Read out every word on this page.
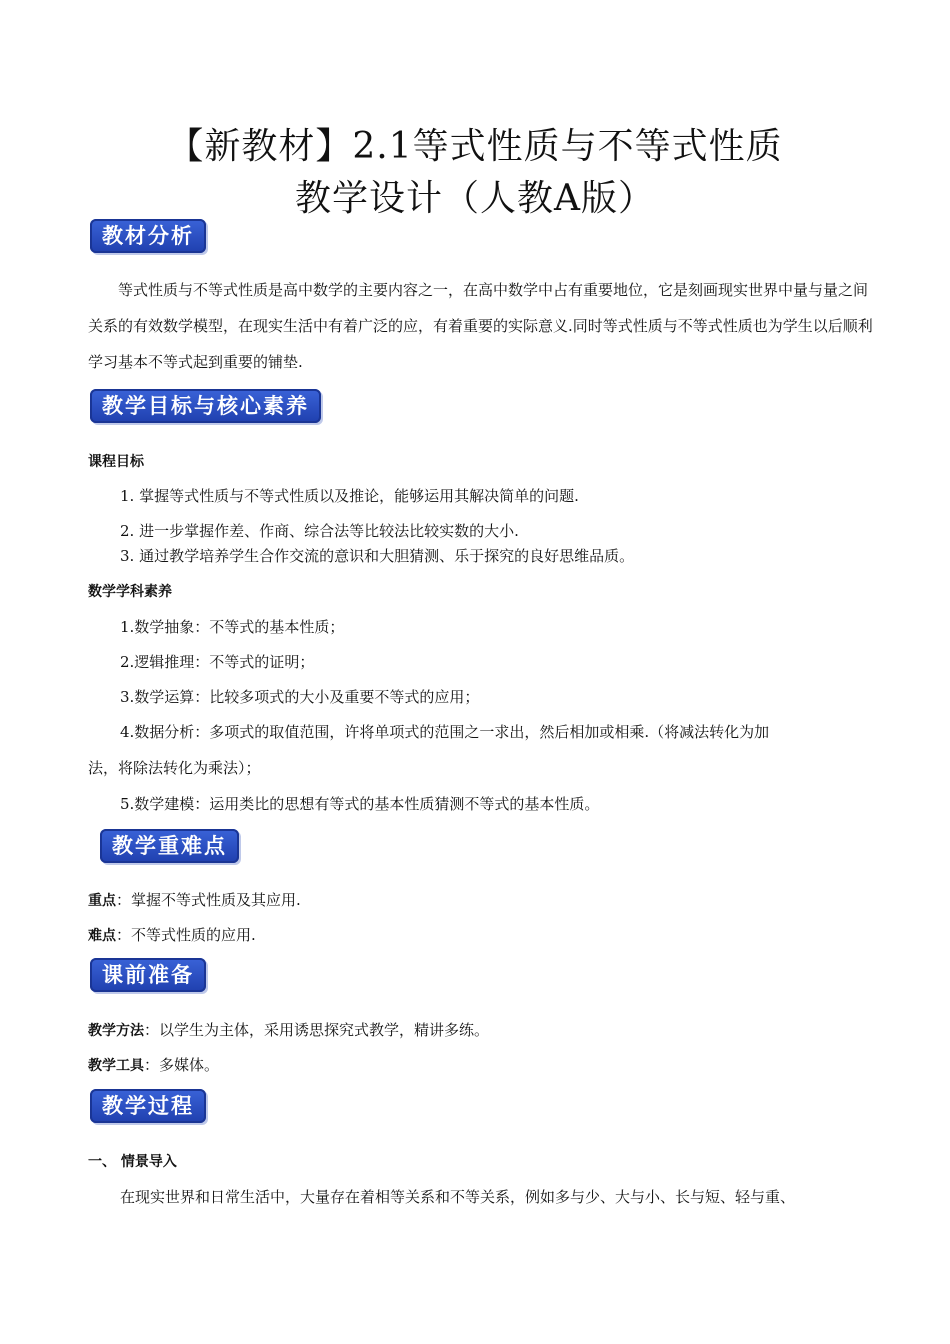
【新教材】2.1等式性质与不等式性质
教学设计（人教A版）
教材分析
等式性质与不等式性质是高中数学的主要内容之一，在高中数学中占有重要地位，它是刻画现实世界中量与量之间关系的有效数学模型，在现实生活中有着广泛的应，有着重要的实际意义.同时等式性质与不等式性质也为学生以后顺利学习基本不等式起到重要的铺垫.
教学目标与核心素养
课程目标
1. 掌握等式性质与不等式性质以及推论，能够运用其解决简单的问题.
2. 进一步掌握作差、作商、综合法等比较法比较实数的大小.
3. 通过教学培养学生合作交流的意识和大胆猜测、乐于探究的良好思维品质。
数学学科素养
1.数学抽象：不等式的基本性质；
2.逻辑推理：不等式的证明；
3.数学运算：比较多项式的大小及重要不等式的应用；
4.数据分析：多项式的取值范围，许将单项式的范围之一求出，然后相加或相乘.（将减法转化为加
法，将除法转化为乘法）；
5.数学建模：运用类比的思想有等式的基本性质猜测不等式的基本性质。
教学重难点
重点：掌握不等式性质及其应用.
难点：不等式性质的应用.
课前准备
教学方法：以学生为主体，采用诱思探究式教学，精讲多练。
教学工具：多媒体。
教学过程
一、 情景导入
在现实世界和日常生活中，大量存在着相等关系和不等关系，例如多与少、大与小、长与短、轻与重、
